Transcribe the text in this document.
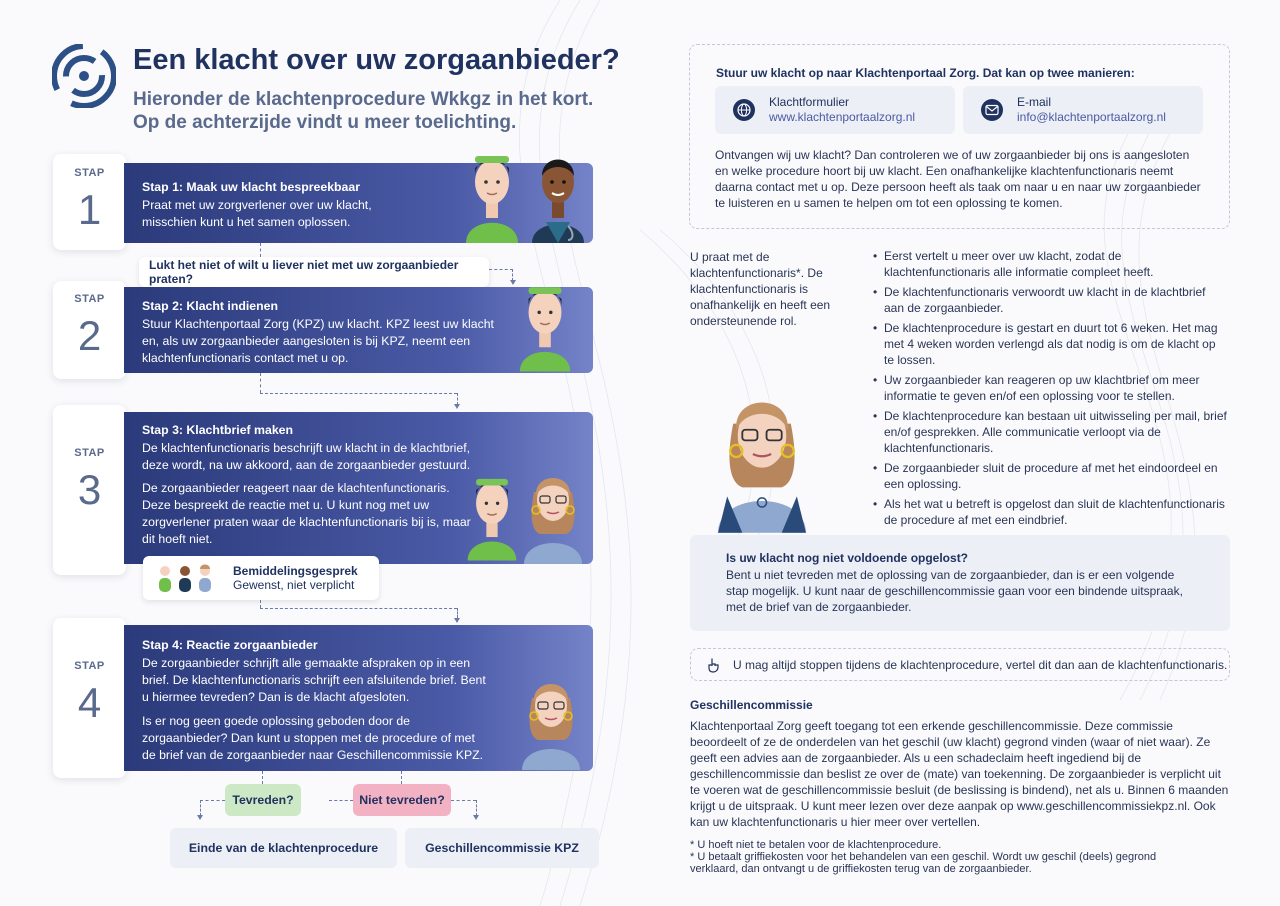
Een klacht over uw zorgaanbieder?
Hieronder de klachtenprocedure Wkkgz in het kort.
Op de achterzijde vindt u meer toelichting.
STAP
1	Stap 1: Maak uw klacht bespreekbaar

Praat met uw zorgverlener over uw klacht, misschien kunt u het samen oplossen.

Lukt het niet of wilt u liever niet met uw zorgaanbieder praten?
STAP
2
Stap 2: Klacht indienen

Stuur Klachtenportaal Zorg (KPZ) uw klacht. KPZ leest uw klacht en, als uw zorgaanbieder aangesloten is bij KPZ, neemt een klachtenfunctionaris contact met u op.

STAP
3
Stap 3: Klachtbrief maken

De klachtenfunctionaris beschrijft uw klacht in de klachtbrief, deze wordt, na uw akkoord, aan de zorgaanbieder gestuurd.

De zorgaanbieder reageert naar de klachtenfunctionaris. Deze bespreekt de reactie met u. U kunt nog met uw zorgverlener praten waar de klachtenfunctionaris bij is, maar dit hoeft niet.

Bemiddelingsgesprek
Gewenst, niet verplicht
STAP
4
Stap 4: Reactie zorgaanbieder

De zorgaanbieder schrijft alle gemaakte afspraken op in een brief. De klachtenfunctionaris schrijft een afsluitende brief. Bent u hiermee tevreden? Dan is de klacht afgesloten.

Is er nog geen goede oplossing geboden door de zorgaanbieder? Dan kunt u stoppen met de procedure of met de brief van de zorgaanbieder naar Geschillencommissie KPZ.

Tevreden?	Niet tevreden?
Einde van de klachtenprocedure	Geschillencommissie KPZ
Stuur uw klacht op naar Klachtenportaal Zorg. Dat kan op twee manieren:
Klachtformulier
www.klachtenportaalzorg.nl
E-mail
info@klachtenportaalzorg.nl
Ontvangen wij uw klacht? Dan controleren we of uw zorgaanbieder bij ons is aangesloten en welke procedure hoort bij uw klacht. Een onafhankelijke klachtenfunctionaris neemt daarna contact met u op. Deze persoon heeft als taak om naar u en naar uw zorgaanbieder te luisteren en u samen te helpen om tot een oplossing te komen.
U praat met de klachtenfunctionaris*. De klachtenfunctionaris is onafhankelijk en heeft een ondersteunende rol.
• Eerst vertelt u meer over uw klacht, zodat de klachtenfunctionaris alle informatie compleet heeft.
• De klachtenfunctionaris verwoordt uw klacht in de klachtbrief aan de zorgaanbieder.
• De klachtenprocedure is gestart en duurt tot 6 weken. Het mag met 4 weken worden verlengd als dat nodig is om de klacht op te lossen.
• Uw zorgaanbieder kan reageren op uw klachtbrief om meer informatie te geven en/of een oplossing voor te stellen.
• De klachtenprocedure kan bestaan uit uitwisseling per mail, brief en/of gesprekken. Alle communicatie verloopt via de klachtenfunctionaris.
• De zorgaanbieder sluit de procedure af met het eindoordeel en een oplossing.
• Als het wat u betreft is opgelost dan sluit de klachtenfunctionaris de procedure af met een eindbrief.
Is uw klacht nog niet voldoende opgelost?
Bent u niet tevreden met de oplossing van de zorgaanbieder, dan is er een volgende stap mogelijk. U kunt naar de geschillencommissie gaan voor een bindende uitspraak, met de brief van de zorgaanbieder.
U mag altijd stoppen tijdens de klachtenprocedure, vertel dit dan aan de klachtenfunctionaris.
Geschillencommissie
Klachtenportaal Zorg geeft toegang tot een erkende geschillencommissie. Deze commissie beoordeelt of ze de onderdelen van het geschil (uw klacht) gegrond vinden (waar of niet waar). Ze geeft een advies aan de zorgaanbieder. Als u een schadeclaim heeft ingediend bij de geschillencommissie dan beslist ze over de (mate) van toekenning. De zorgaanbieder is verplicht uit te voeren wat de geschillencommissie besluit (de beslissing is bindend), net als u. Binnen 6 maanden krijgt u de uitspraak. U kunt meer lezen over deze aanpak op www.geschillencommissiekpz.nl. Ook kan uw klachtenfunctionaris u hier meer over vertellen.
* U hoeft niet te betalen voor de klachtenprocedure.
* U betaalt griffiekosten voor het behandelen van een geschil. Wordt uw geschil (deels) gegrond verklaard, dan ontvangt u de griffiekosten terug van de zorgaanbieder.
